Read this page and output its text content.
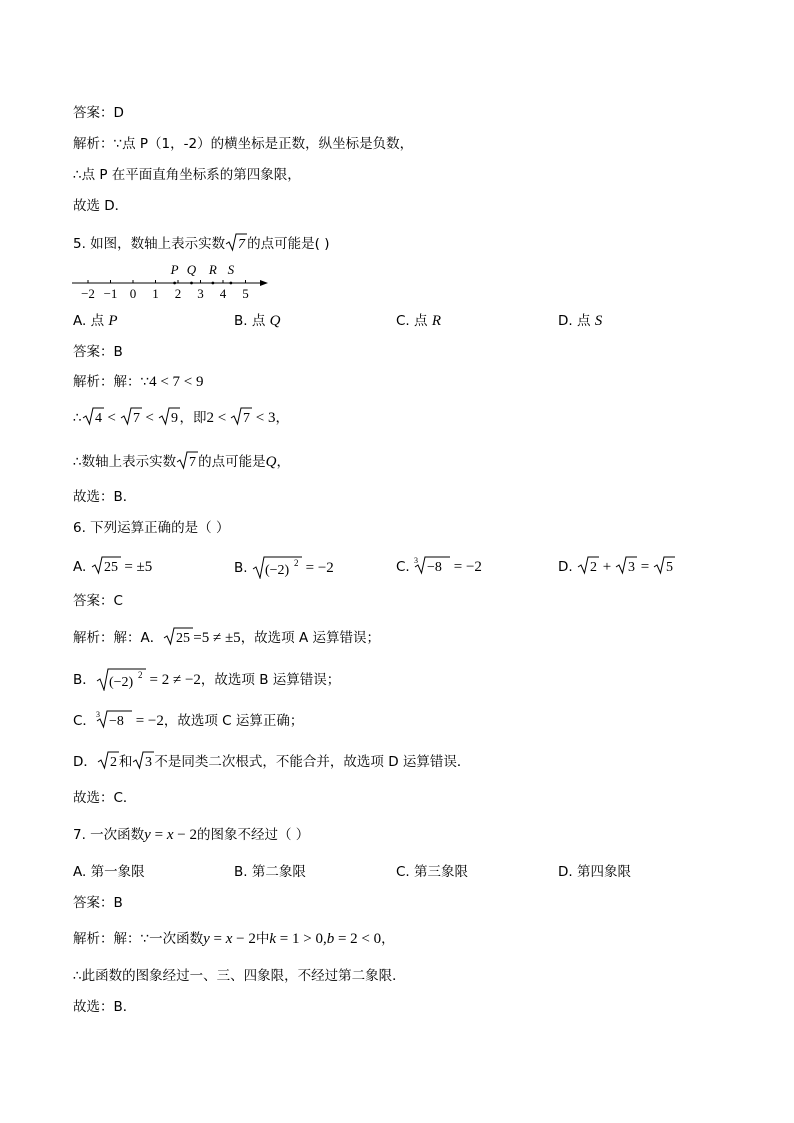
答案：D
解析：∵点 P（1，-2）的横坐标是正数，纵坐标是负数，
∴点 P 在平面直角坐标系的第四象限，
故选 D．
5. 如图，数轴上表示实数 7 的点可能是( )
−2 −1 0 1 2 3 4 5
P Q R S
A. 点 P	B. 点 Q	C. 点 R	D. 点 S
答案：B
解析：解：∵4 < 7 < 9
∴ 4 < 7 < 9 ，即2 < 7 < 3，
∴数轴上表示实数 7 的点可能是Q，
故选：B．
6. 下列运算正确的是（ ）
A. 25 = ±5	B. (−2) 2 = −2	C. 3 −8 = −2	D. 2 + 3 = 5
答案：C
解析：解：A． 25 =5 ≠ ±5，故选项 A 运算错误；
B． (−2) 2 = 2 ≠ −2，故选项 B 运算错误；
C． 3 −8 = −2，故选项 C 运算正确；
D． 2 和 3 不是同类二次根式，不能合并，故选项 D 运算错误．
故选：C．
7. 一次函数y = x − 2的图象不经过（ ）
A. 第一象限	B. 第二象限	C. 第三象限	D. 第四象限
答案：B
解析：解：∵一次函数y = x − 2中k = 1 > 0,b = 2 < 0，
∴此函数的图象经过一、三、四象限，不经过第二象限．
故选：B．
